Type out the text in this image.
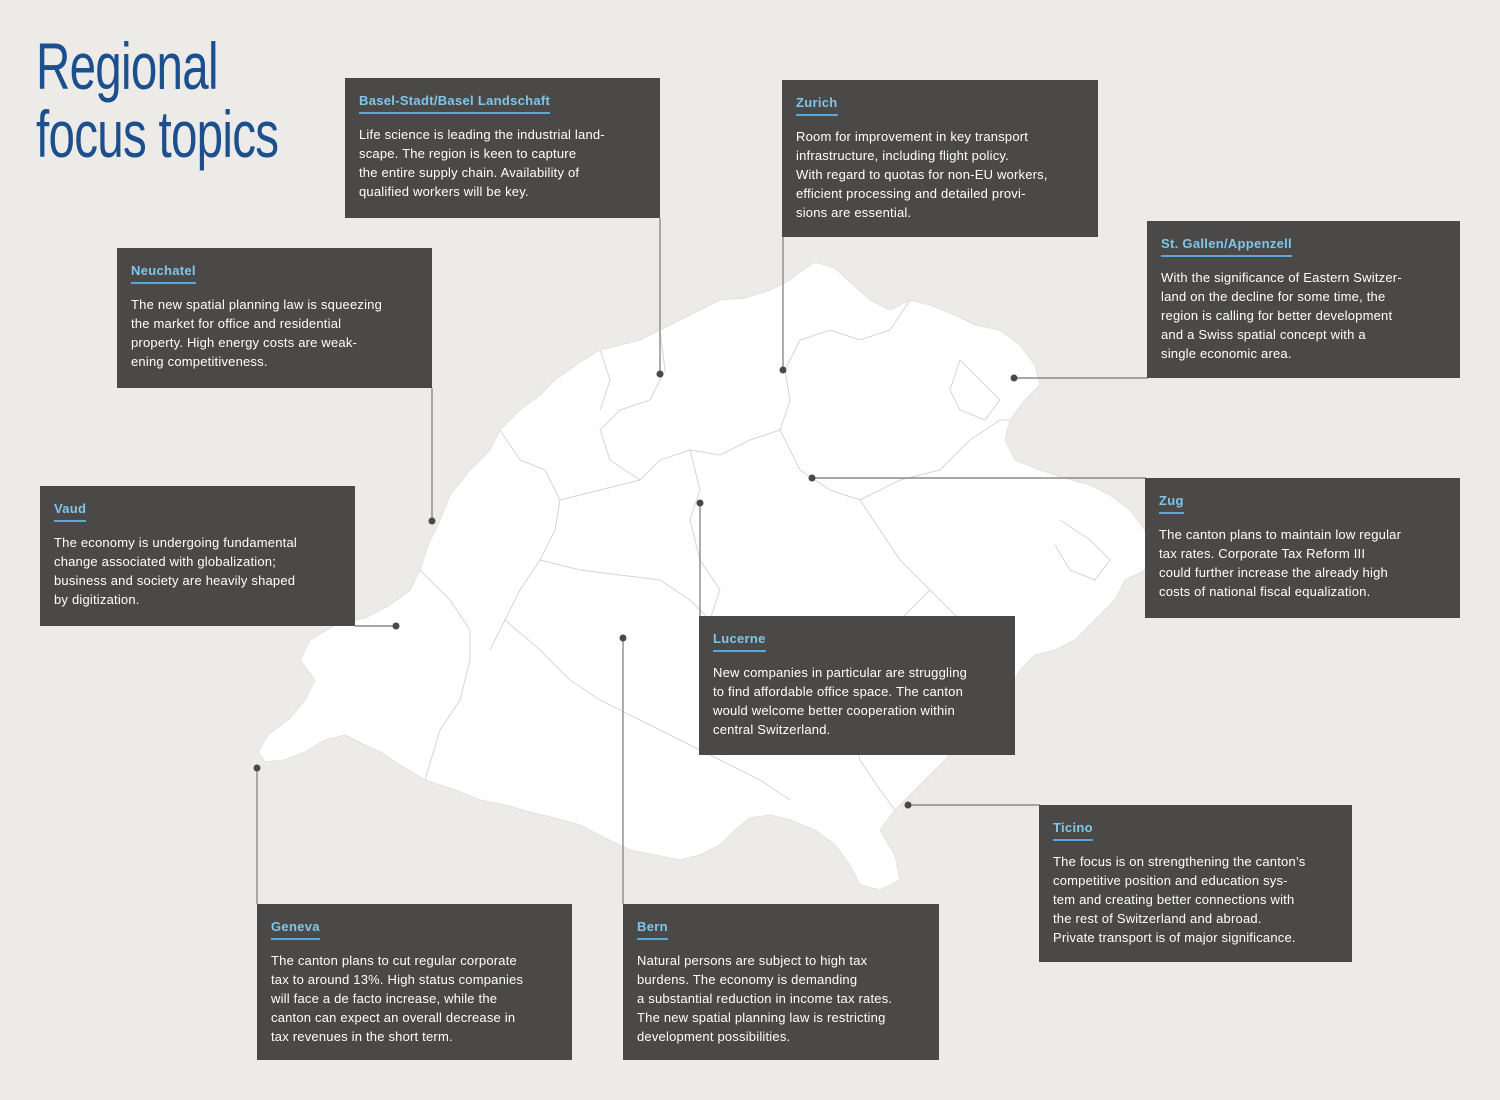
Regional
focus topics	Basel-Stadt/Basel Landschaft

Life science is leading the industrial land-
scape. The region is keen to capture
the entire supply chain. Availability of
qualified workers will be key.

Zurich

Room for improvement in key transport
infrastructure, including flight policy.
With regard to quotas for non-EU workers,
efficient processing and detailed provi-
sions are essential.

St. Gallen/Appenzell

With the significance of Eastern Switzer-
land on the decline for some time, the
region is calling for better development
and a Swiss spatial concept with a
single economic area.

Neuchatel

The new spatial planning law is squeezing
the market for office and residential
property. High energy costs are weak-
ening competitiveness.

Vaud

The economy is undergoing fundamental
change associated with globalization;
business and society are heavily shaped
by digitization.

Zug

The canton plans to maintain low regular
tax rates. Corporate Tax Reform III
could further increase the already high
costs of national fiscal equalization.

Lucerne

New companies in particular are struggling
to find affordable office space. The canton
would welcome better cooperation within
central Switzerland.

Ticino

The focus is on strengthening the canton’s
competitive position and education sys-
tem and creating better connections with
the rest of Switzerland and abroad.
Private transport is of major significance.

Geneva

The canton plans to cut regular corporate
tax to around 13%. High status companies
will face a de facto increase, while the
canton can expect an overall decrease in
tax revenues in the short term.

Bern

Natural persons are subject to high tax
burdens. The economy is demanding
a substantial reduction in income tax rates.
The new spatial planning law is restricting
development possibilities.
